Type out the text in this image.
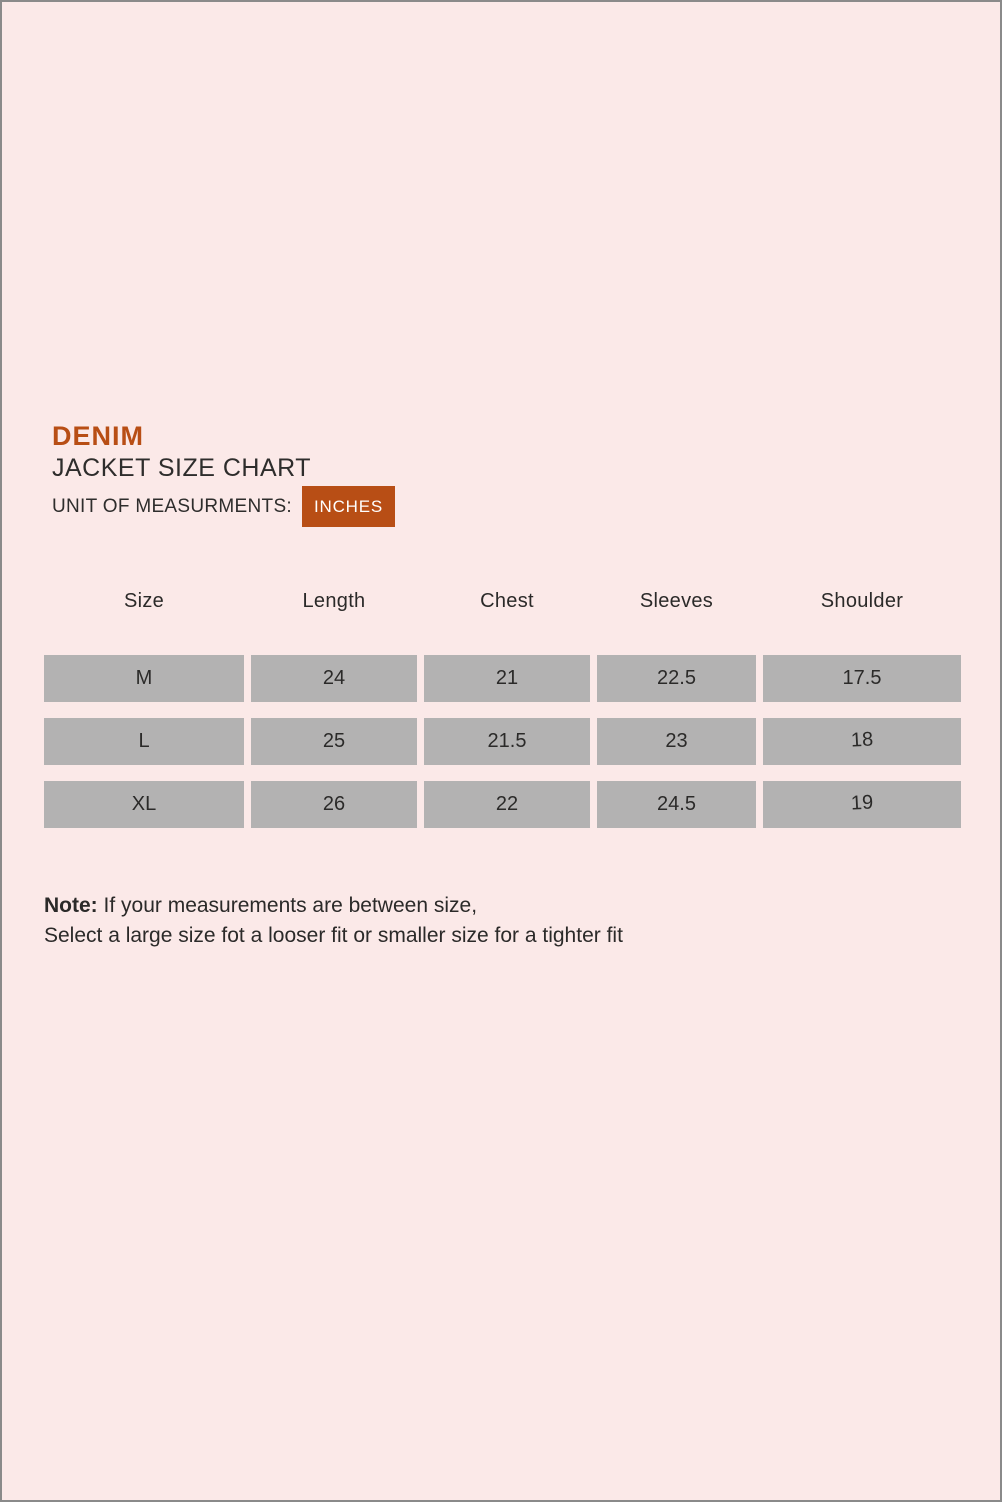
DENIM
JACKET SIZE CHART
UNIT OF MEASURMENTS:	INCHES
Size	Length	Chest	Sleeves	Shoulder
M	24	21	22.5	17.5
L	25	21.5	23	18
XL	26	22	24.5	19
Note: If your measurements are between size,
Select a large size fot a looser fit or smaller size for a tighter fit
